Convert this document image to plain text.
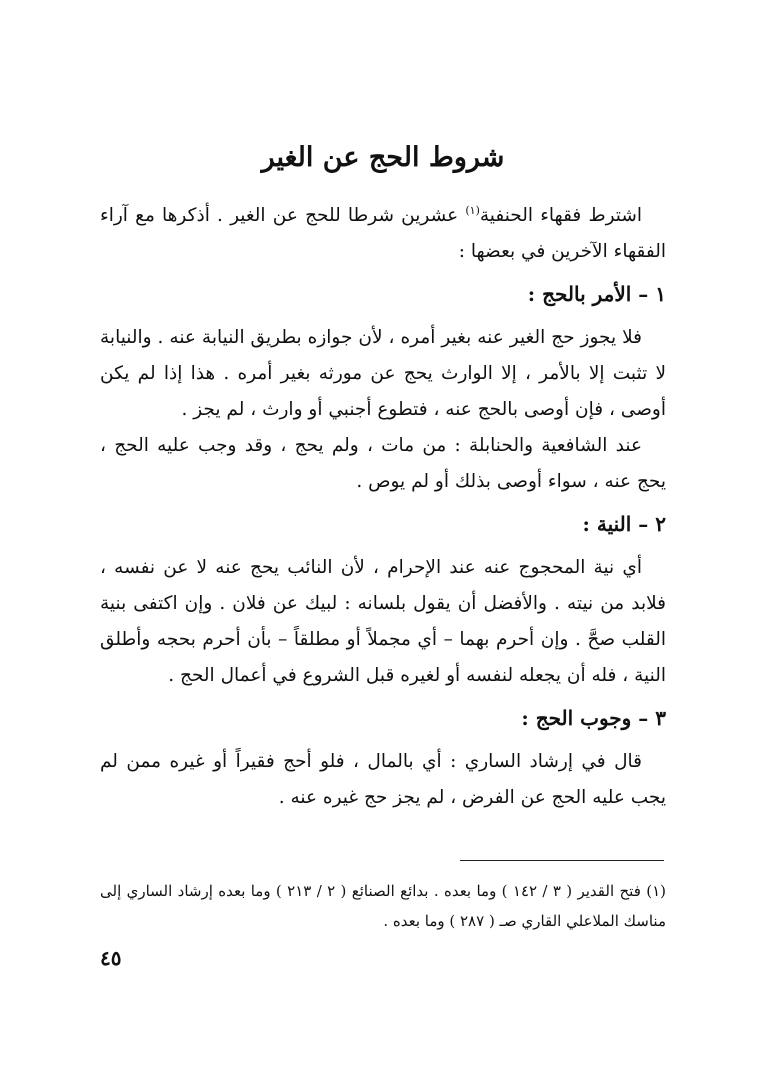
شروط الحج عن الغير

اشترط فقهاء الحنفية$^{(١)}$ عشرين شرطا للحج عن الغير . أذكرها مع آراء الفقهاء الآخرين في بعضها :

١ – الأمر بالحج :

فلا يجوز حج الغير عنه بغير أمره ، لأن جوازه بطريق النيابة عنه . والنيابة لا تثبت إلا بالأمر ، إلا الوارث يحج عن مورثه بغير أمره . هذا إذا لم يكن أوصى ، فإن أوصى بالحج عنه ، فتطوع أجنبي أو وارث ، لم يجز .

عند الشافعية والحنابلة : من مات ، ولم يحج ، وقد وجب عليه الحج ، يحج عنه ، سواء أوصى بذلك أو لم يوص .

٢ – النية :

أي نية المحجوج عنه عند الإحرام ، لأن النائب يحج عنه لا عن نفسه ، فلابد من نيته . والأفضل أن يقول بلسانه : لبيك عن فلان . وإن اكتفى بنية القلب صحَّ . وإن أحرم بهما – أي مجملاً أو مطلقاً – بأن أحرم بحجه وأطلق النية ، فله أن يجعله لنفسه أو لغيره قبل الشروع في أعمال الحج .

٣ – وجوب الحج :

قال في إرشاد الساري : أي بالمال ، فلو أحج فقيراً أو غيره ممن لم يجب عليه الحج عن الفرض ، لم يجز حج غيره عنه .

(١) فتح القدير ( ٣ / ١٤٢ ) وما بعده . بدائع الصنائع ( ٢ / ٢١٣ ) وما بعده إرشاد الساري إلى مناسك الملاعلي القاري صـ ( ٢٨٧ ) وما بعده .
٤٥
